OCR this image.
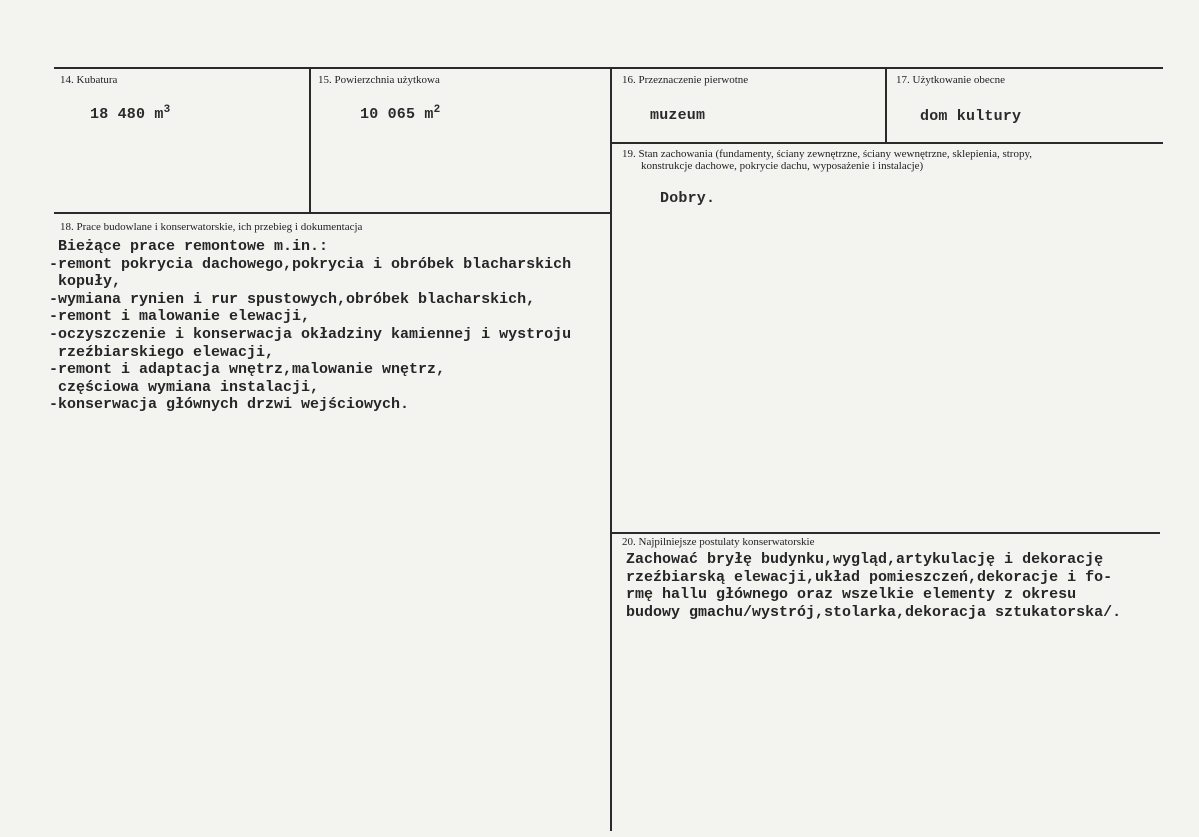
14. Kubatura
18 480 $m^3$
15. Powierzchnia użytkowa
10 065 $m^2$
16. Przeznaczenie pierwotne
muzeum
17. Użytkowanie obecne
dom kultury
19. Stan zachowania (fundamenty, ściany zewnętrzne, ściany wewnętrzne, sklepienia, stropy,
konstrukcje dachowe, pokrycie dachu, wyposażenie i instalacje)
Dobry.
18. Prace budowlane i konserwatorskie, ich przebieg i dokumentacja
Bieżące prace remontowe m.in.:
-remont pokrycia dachowego,pokrycia i obróbek blacharskich
kopuły,
-wymiana rynien i rur spustowych,obróbek blacharskich,
-remont i malowanie elewacji,
-oczyszczenie i konserwacja okładziny kamiennej i wystroju
rzeźbiarskiego elewacji,
-remont i adaptacja wnętrz,malowanie wnętrz,
częściowa wymiana instalacji,
-konserwacja głównych drzwi wejściowych.
20. Najpilniejsze postulaty konserwatorskie
Zachować bryłę budynku,wygląd,artykulację i dekorację
rzeźbiarską elewacji,układ pomieszczeń,dekoracje i fo-
rmę hallu głównego oraz wszelkie elementy z okresu
budowy gmachu/wystrój,stolarka,dekoracja sztukatorska/.
